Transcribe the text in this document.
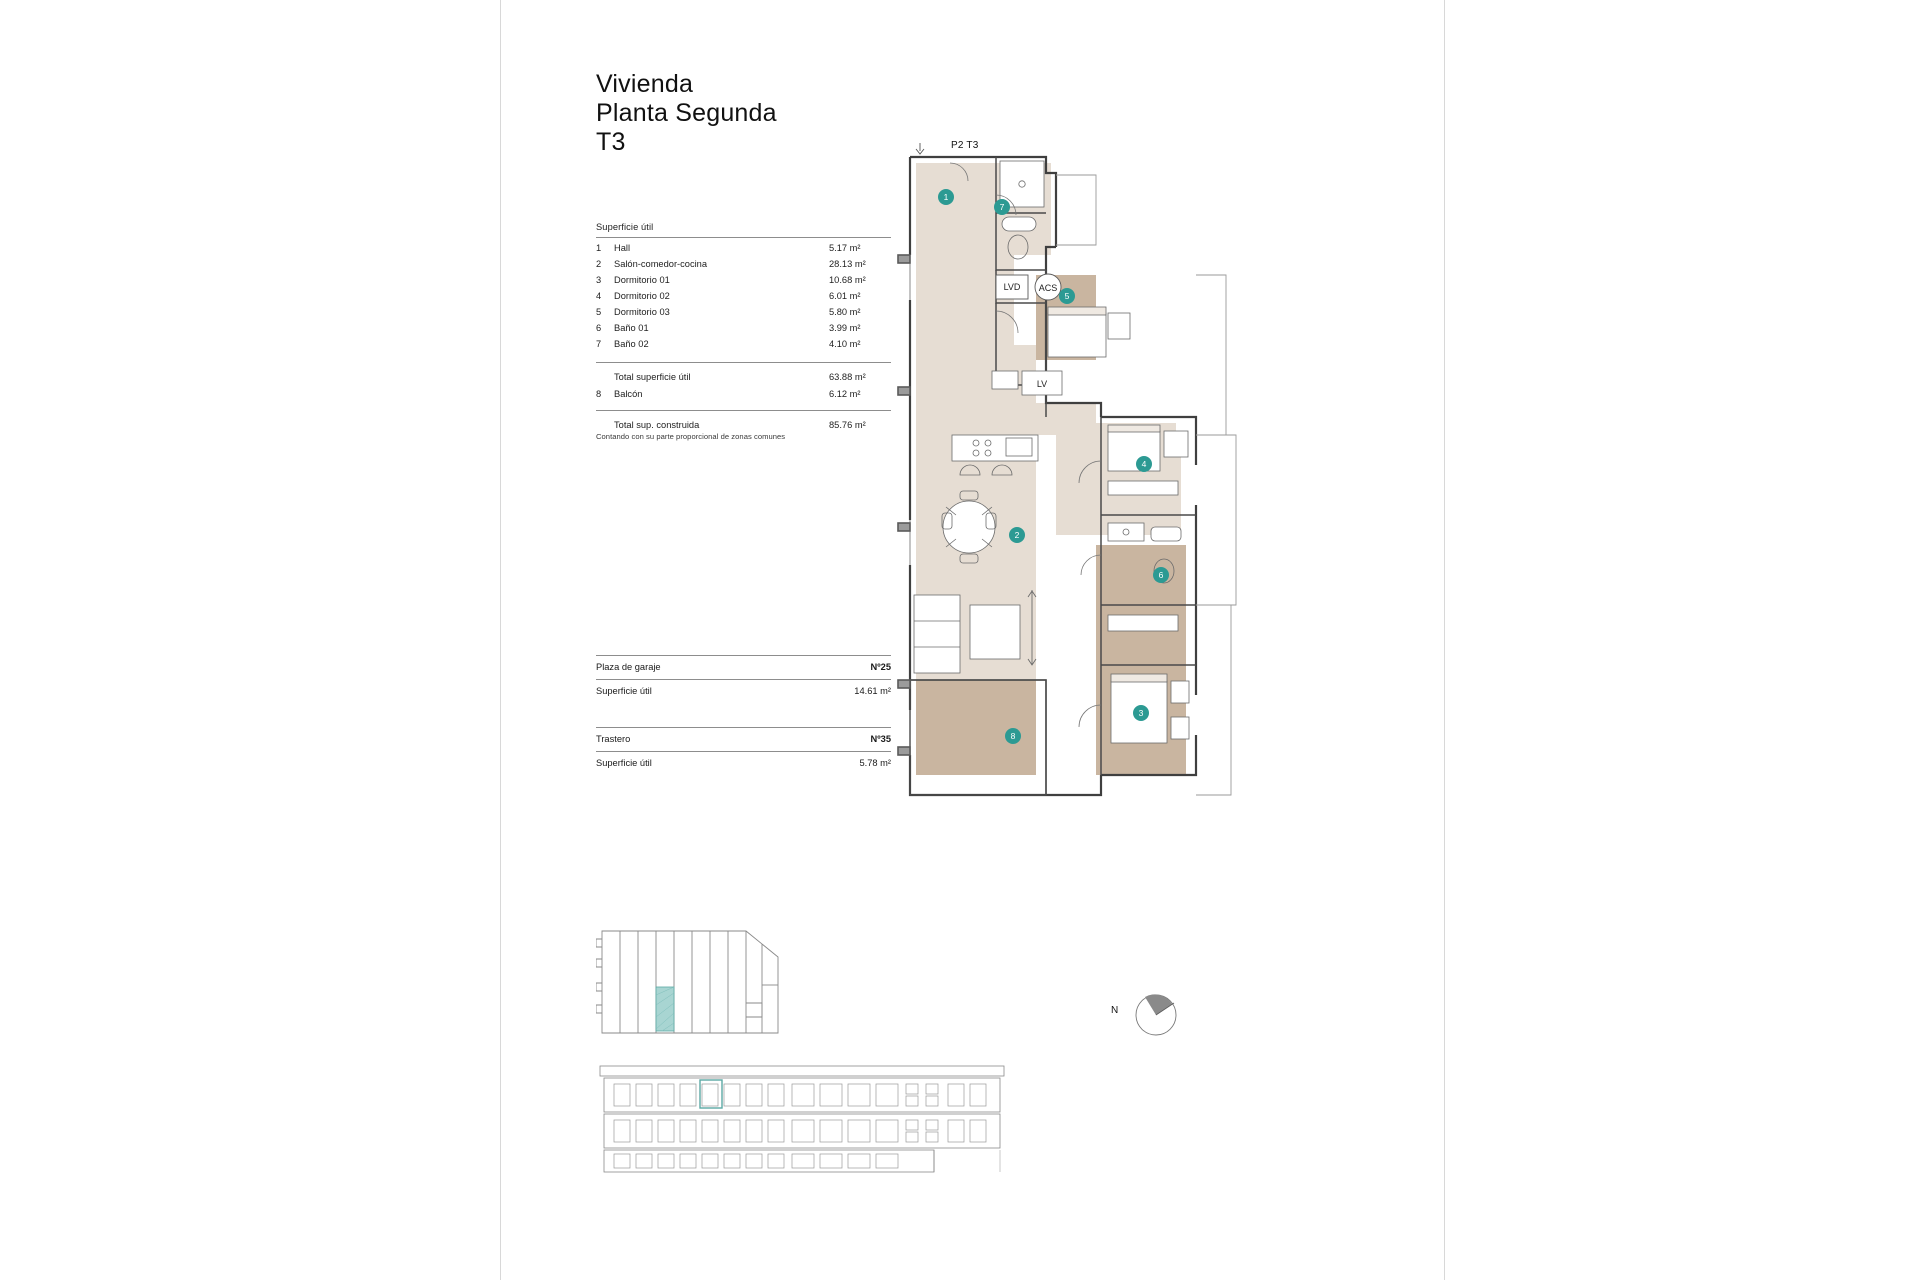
Vivienda
Planta Segunda
T3
Superficie útil
1	Hall	5.17 m²
2	Salón-comedor-cocina	28.13 m²
3	Dormitorio 01	10.68 m²
4	Dormitorio 02	6.01 m²
5	Dormitorio 03	5.80 m²
6	Baño 01	3.99 m²
7	Baño 02	4.10 m²
Total superficie útil	63.88 m²
8	Balcón	6.12 m²
Total sup. construida	85.76 m²
Contando con su parte proporcional de zonas comunes
Plaza de garaje	Nº25
Superficie útil	14.61 m²
Trastero	Nº35
Superficie útil	5.78 m²
P2 T3
LVD ACS
LV
1
7
5
4
2
6
3
8
N
